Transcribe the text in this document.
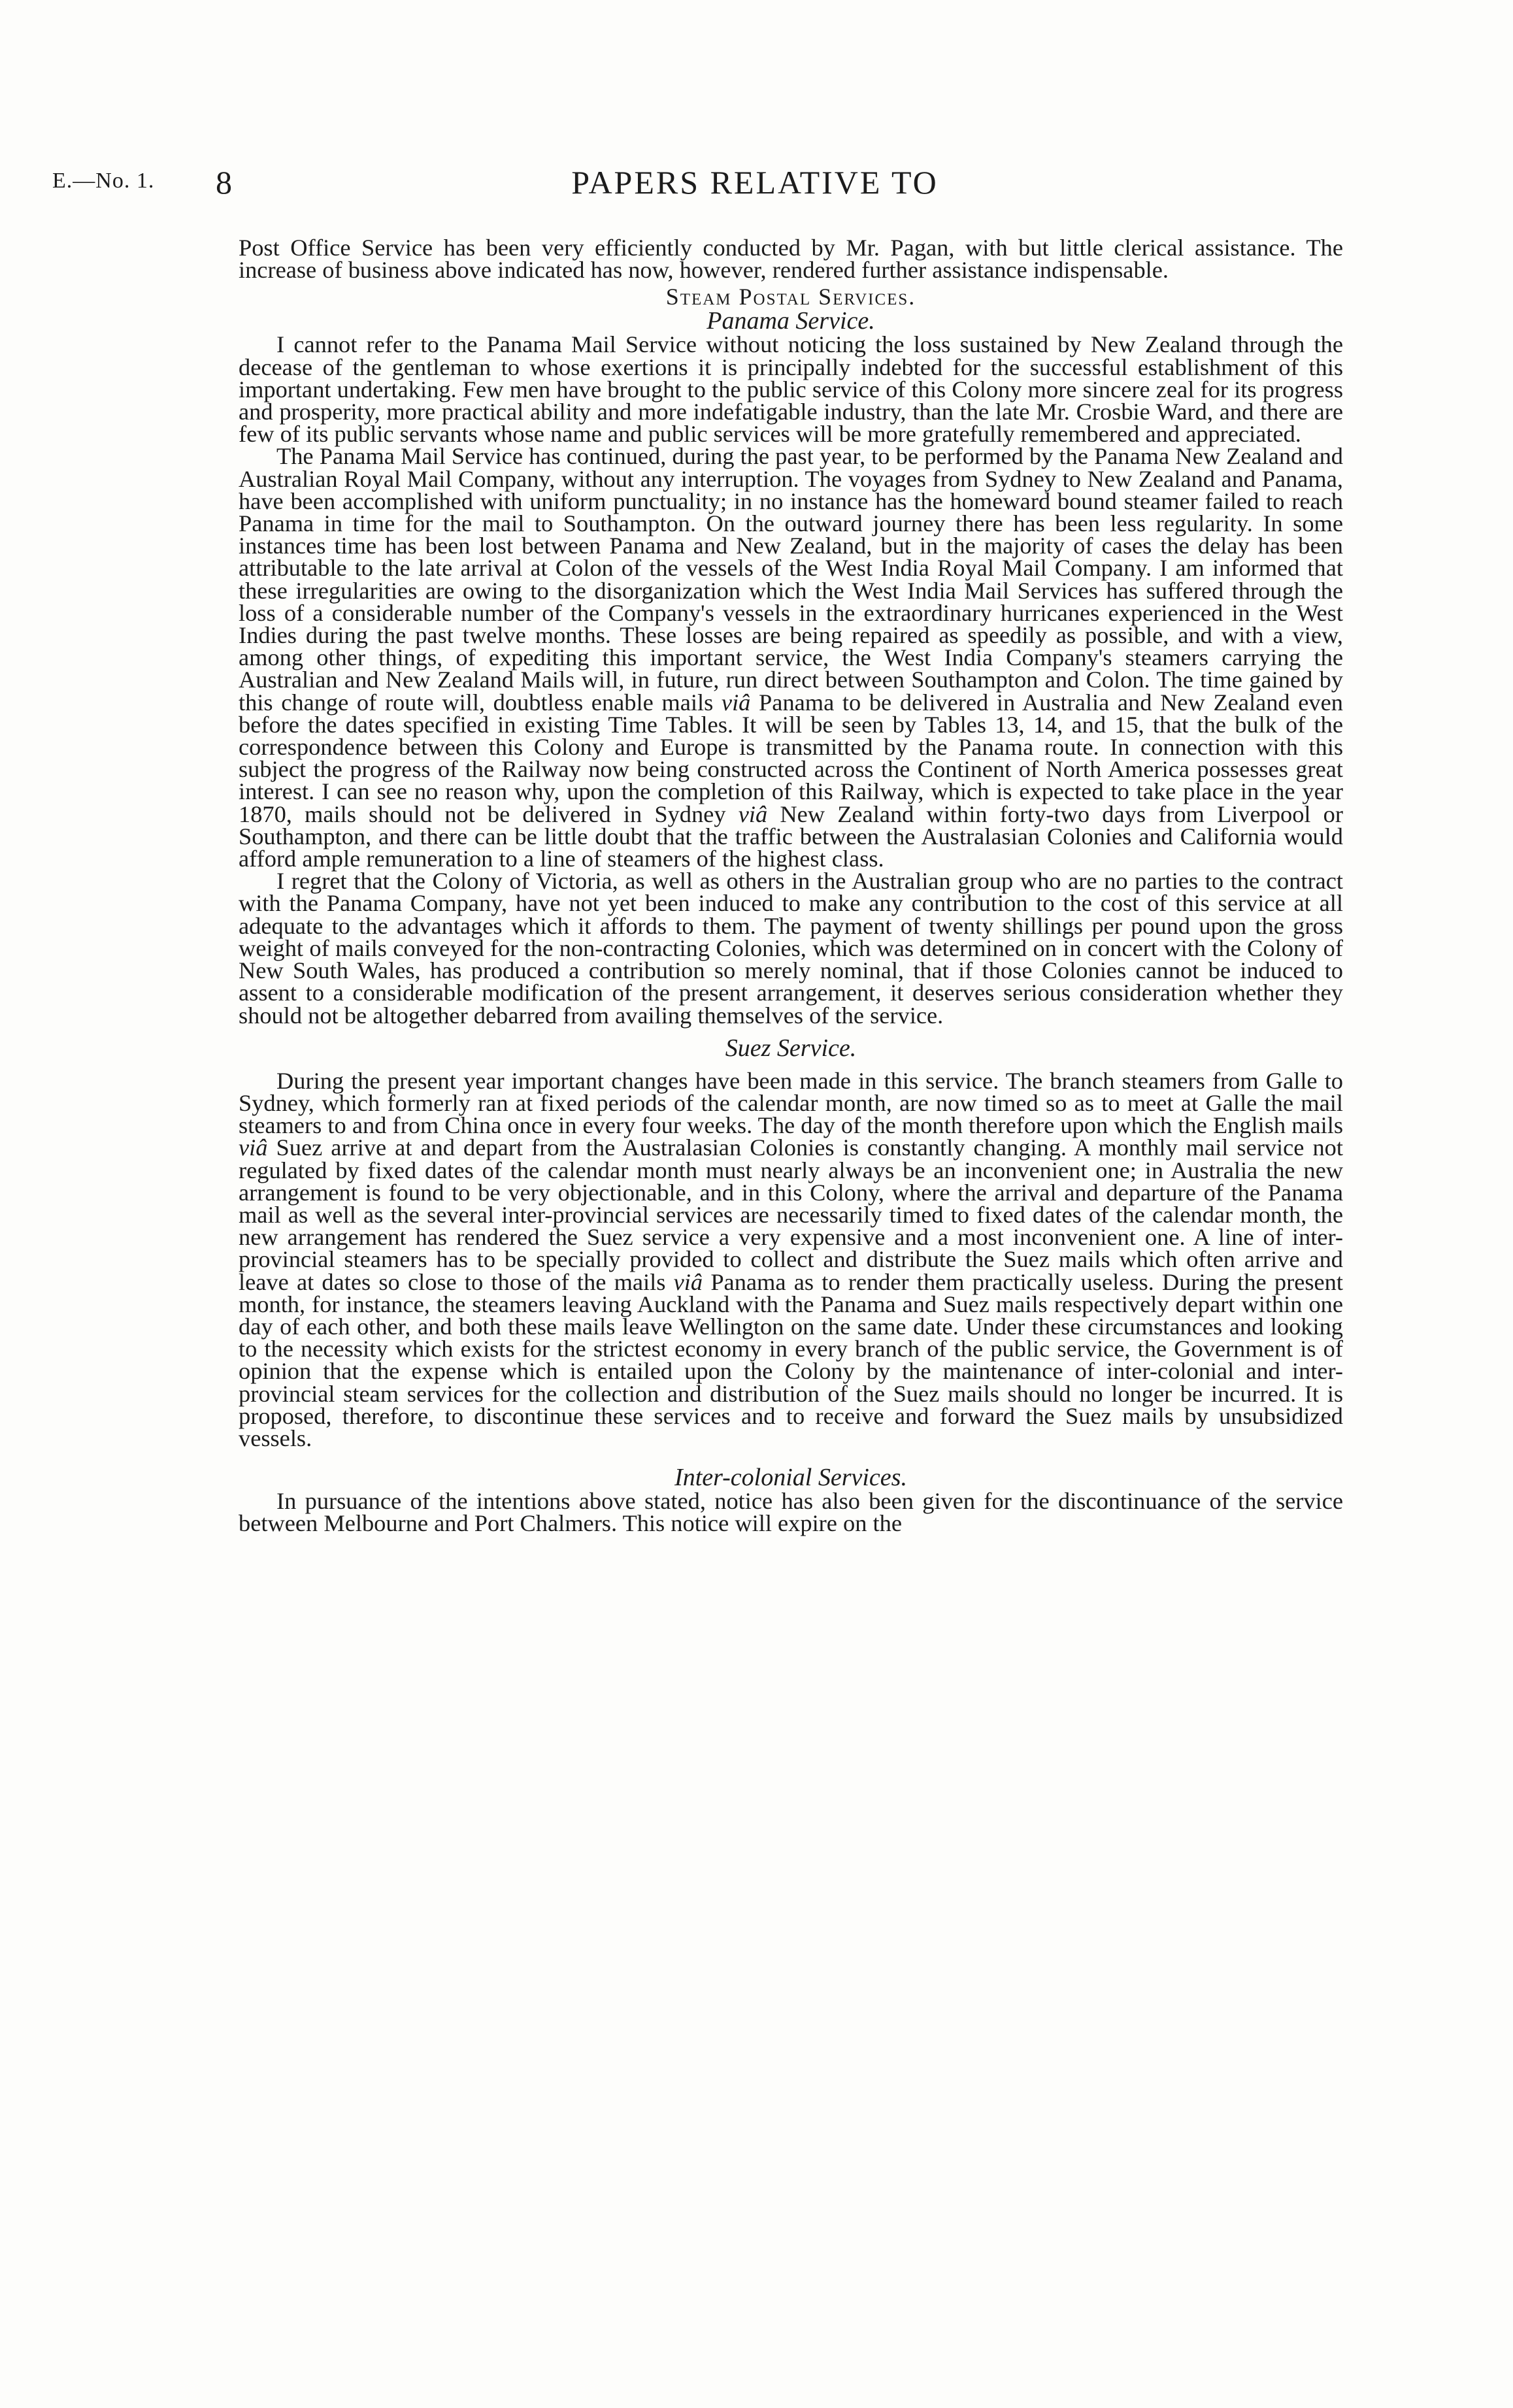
E.—No. 1. 8	PAPERS RELATIVE TO

Post Office Service has been very efficiently conducted by Mr. Pagan, with but little clerical assistance. The increase of business above indicated has now, however, rendered further assistance indispensable.

Steam Postal Services.
Panama Service.

I cannot refer to the Panama Mail Service without noticing the loss sustained by New Zealand through the decease of the gentleman to whose exertions it is principally indebted for the successful establishment of this important undertaking. Few men have brought to the public service of this Colony more sincere zeal for its progress and prosperity, more practical ability and more indefatigable industry, than the late Mr. Crosbie Ward, and there are few of its public servants whose name and public services will be more gratefully remembered and appreciated.

The Panama Mail Service has continued, during the past year, to be performed by the Panama New Zealand and Australian Royal Mail Company, without any interruption. The voyages from Sydney to New Zealand and Panama, have been accomplished with uniform punctuality; in no instance has the homeward bound steamer failed to reach Panama in time for the mail to Southampton. On the outward journey there has been less regularity. In some instances time has been lost between Panama and New Zealand, but in the majority of cases the delay has been attributable to the late arrival at Colon of the vessels of the West India Royal Mail Company. I am informed that these irregularities are owing to the disorganization which the West India Mail Services has suffered through the loss of a considerable number of the Company's vessels in the extraordinary hurricanes experienced in the West Indies during the past twelve months. These losses are being repaired as speedily as possible, and with a view, among other things, of expediting this important service, the West India Company's steamers carrying the Australian and New Zealand Mails will, in future, run direct between Southampton and Colon. The time gained by this change of route will, doubtless enable mails viâ Panama to be delivered in Australia and New Zealand even before the dates specified in existing Time Tables. It will be seen by Tables 13, 14, and 15, that the bulk of the correspondence between this Colony and Europe is transmitted by the Panama route. In connection with this subject the progress of the Railway now being constructed across the Continent of North America possesses great interest. I can see no reason why, upon the completion of this Railway, which is expected to take place in the year 1870, mails should not be delivered in Sydney viâ New Zealand within forty-two days from Liverpool or Southampton, and there can be little doubt that the traffic between the Australasian Colonies and California would afford ample remuneration to a line of steamers of the highest class.

I regret that the Colony of Victoria, as well as others in the Australian group who are no parties to the contract with the Panama Company, have not yet been induced to make any contribution to the cost of this service at all adequate to the advantages which it affords to them. The payment of twenty shillings per pound upon the gross weight of mails conveyed for the non-contracting Colonies, which was determined on in concert with the Colony of New South Wales, has produced a contribution so merely nominal, that if those Colonies cannot be induced to assent to a considerable modification of the present arrangement, it deserves serious consideration whether they should not be altogether debarred from availing themselves of the service.

Suez Service.

During the present year important changes have been made in this service. The branch steamers from Galle to Sydney, which formerly ran at fixed periods of the calendar month, are now timed so as to meet at Galle the mail steamers to and from China once in every four weeks. The day of the month therefore upon which the English mails viâ Suez arrive at and depart from the Australasian Colonies is constantly changing. A monthly mail service not regulated by fixed dates of the calendar month must nearly always be an inconvenient one; in Australia the new arrangement is found to be very objectionable, and in this Colony, where the arrival and departure of the Panama mail as well as the several inter-provincial services are necessarily timed to fixed dates of the calendar month, the new arrangement has rendered the Suez service a very expensive and a most inconvenient one. A line of inter-provincial steamers has to be specially provided to collect and distribute the Suez mails which often arrive and leave at dates so close to those of the mails viâ Panama as to render them practically useless. During the present month, for instance, the steamers leaving Auckland with the Panama and Suez mails respectively depart within one day of each other, and both these mails leave Wellington on the same date. Under these circumstances and looking to the necessity which exists for the strictest economy in every branch of the public service, the Government is of opinion that the expense which is entailed upon the Colony by the maintenance of inter-colonial and inter-provincial steam services for the collection and distribution of the Suez mails should no longer be incurred. It is proposed, therefore, to discontinue these services and to receive and forward the Suez mails by unsubsidized vessels.

Inter-colonial Services.

In pursuance of the intentions above stated, notice has also been given for the discontinuance of the service between Melbourne and Port Chalmers. This notice will expire on the
